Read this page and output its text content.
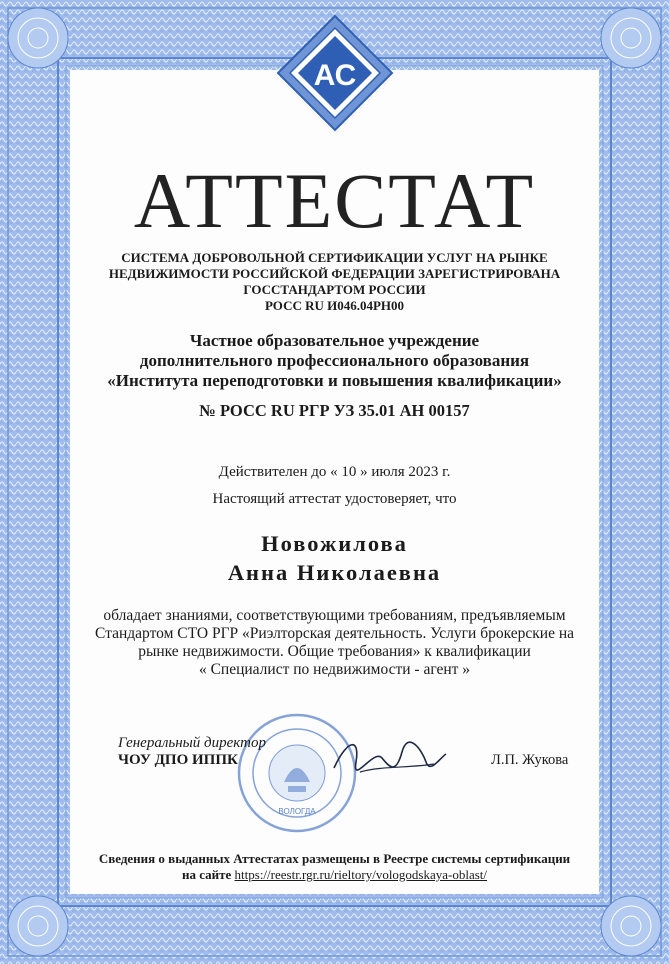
АС
АТТЕСТАТ
СИСТЕМА ДОБРОВОЛЬНОЙ СЕРТИФИКАЦИИ УСЛУГ НА РЫНКЕ
НЕДВИЖИМОСТИ РОССИЙСКОЙ ФЕДЕРАЦИИ ЗАРЕГИСТРИРОВАНА
ГОССТАНДАРТОМ РОССИИ
РОСС RU И046.04РН00
Частное образовательное учреждение
дополнительного профессионального образования
«Института переподготовки и повышения квалификации»
№ РОСС RU РГР УЗ 35.01 АН 00157
Действителен до « 10 » июля 2023 г.
Настоящий аттестат удостоверяет, что
Новожилова
Анна Николаевна
обладает знаниями, соответствующими требованиям, предъявляемым
Стандартом СТО РГР «Риэлторская деятельность. Услуги брокерские на
рынке недвижимости. Общие требования» к квалификации
« Специалист по недвижимости - агент »
ВОЛОГДА
Генеральный директор
ЧОУ ДПО ИППК	Л.П. Жукова
Сведения о выданных Аттестатах размещены в Реестре системы сертификации
на сайте https://reestr.rgr.ru/rieltory/vologodskaya-oblast/
